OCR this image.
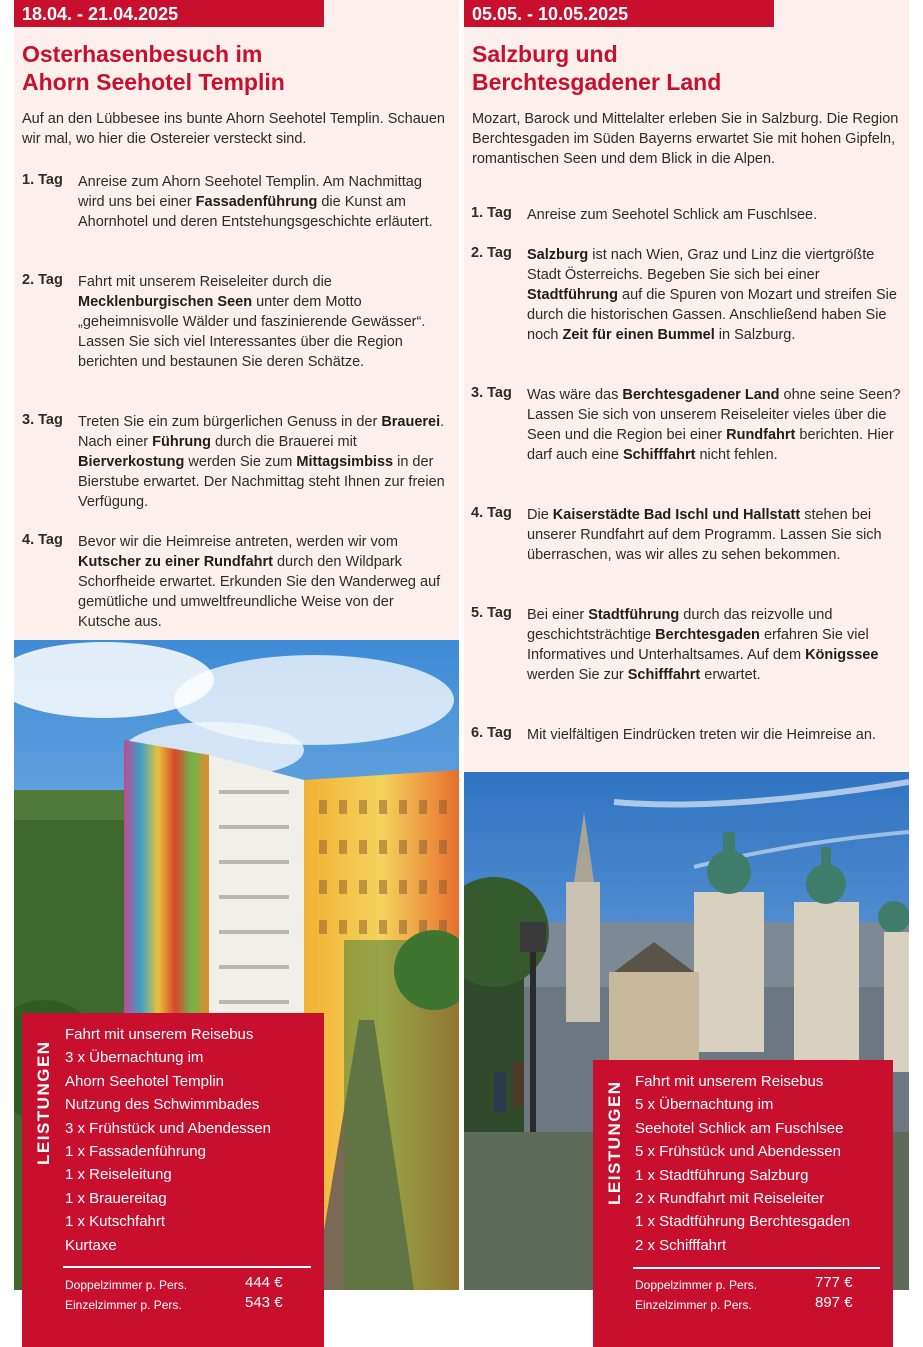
18.04. - 21.04.2025
Osterhasenbesuch im
Ahorn Seehotel Templin

Auf an den Lübbesee ins bunte Ahorn Seehotel Templin. Schauen wir mal, wo hier die Ostereier versteckt sind.

1. Tag Anreise zum Ahorn Seehotel Templin. Am Nachmittag wird uns bei einer Fassadenführung die Kunst am Ahornhotel und deren Entstehungsgeschichte erläutert.
2. Tag Fahrt mit unserem Reiseleiter durch die Mecklenburgischen Seen unter dem Motto „geheimnisvolle Wälder und faszinierende Gewässer“. Lassen Sie sich viel Interessantes über die Region berichten und bestaunen Sie deren Schätze.
3. Tag Treten Sie ein zum bürgerlichen Genuss in der Brauerei. Nach einer Führung durch die Brauerei mit Bierverkostung werden Sie zum Mittagsimbiss in der Bierstube erwartet. Der Nachmittag steht Ihnen zur freien Verfügung.
4. Tag Bevor wir die Heimreise antreten, werden wir vom Kutscher zu einer Rundfahrt durch den Wildpark Schorfheide erwartet. Erkunden Sie den Wanderweg auf gemütliche und umweltfreundliche Weise von der Kutsche aus.
LEISTUNGEN
Fahrt mit unserem Reisebus
3 x Übernachtung im
Ahorn Seehotel Templin
Nutzung des Schwimmbades
3 x Frühstück und Abendessen
1 x Fassadenführung
1 x Reiseleitung
1 x Brauereitag
1 x Kutschfahrt
Kurtaxe
Doppelzimmer p. Pers.	444 €
Einzelzimmer p. Pers.	543 €
05.05. - 10.05.2025
Salzburg und
Berchtesgadener Land

Mozart, Barock und Mittelalter erleben Sie in Salzburg. Die Region Berchtesgaden im Süden Bayerns erwartet Sie mit hohen Gipfeln, romantischen Seen und dem Blick in die Alpen.

1. Tag Anreise zum Seehotel Schlick am Fuschlsee.
2. Tag Salzburg ist nach Wien, Graz und Linz die viertgrößte Stadt Österreichs. Begeben Sie sich bei einer Stadtführung auf die Spuren von Mozart und streifen Sie durch die historischen Gassen. Anschließend haben Sie noch Zeit für einen Bummel in Salzburg.
3. Tag Was wäre das Berchtesgadener Land ohne seine Seen? Lassen Sie sich von unserem Reiseleiter vieles über die Seen und die Region bei einer Rundfahrt berichten. Hier darf auch eine Schifffahrt nicht fehlen.
4. Tag Die Kaiserstädte Bad Ischl und Hallstatt stehen bei unserer Rundfahrt auf dem Programm. Lassen Sie sich überraschen, was wir alles zu sehen bekommen.
5. Tag Bei einer Stadtführung durch das reizvolle und geschichtsträchtige Berchtesgaden erfahren Sie viel Informatives und Unterhaltsames. Auf dem Königssee werden Sie zur Schifffahrt erwartet.
6. Tag Mit vielfältigen Eindrücken treten wir die Heimreise an.
LEISTUNGEN Fahrt mit unserem Reisebus
5 x Übernachtung im
Seehotel Schlick am Fuschlsee
5 x Frühstück und Abendessen
1 x Stadtführung Salzburg
2 x Rundfahrt mit Reiseleiter
1 x Stadtführung Berchtesgaden
2 x Schifffahrt
Doppelzimmer p. Pers.	777 €
Einzelzimmer p. Pers.	897 €
